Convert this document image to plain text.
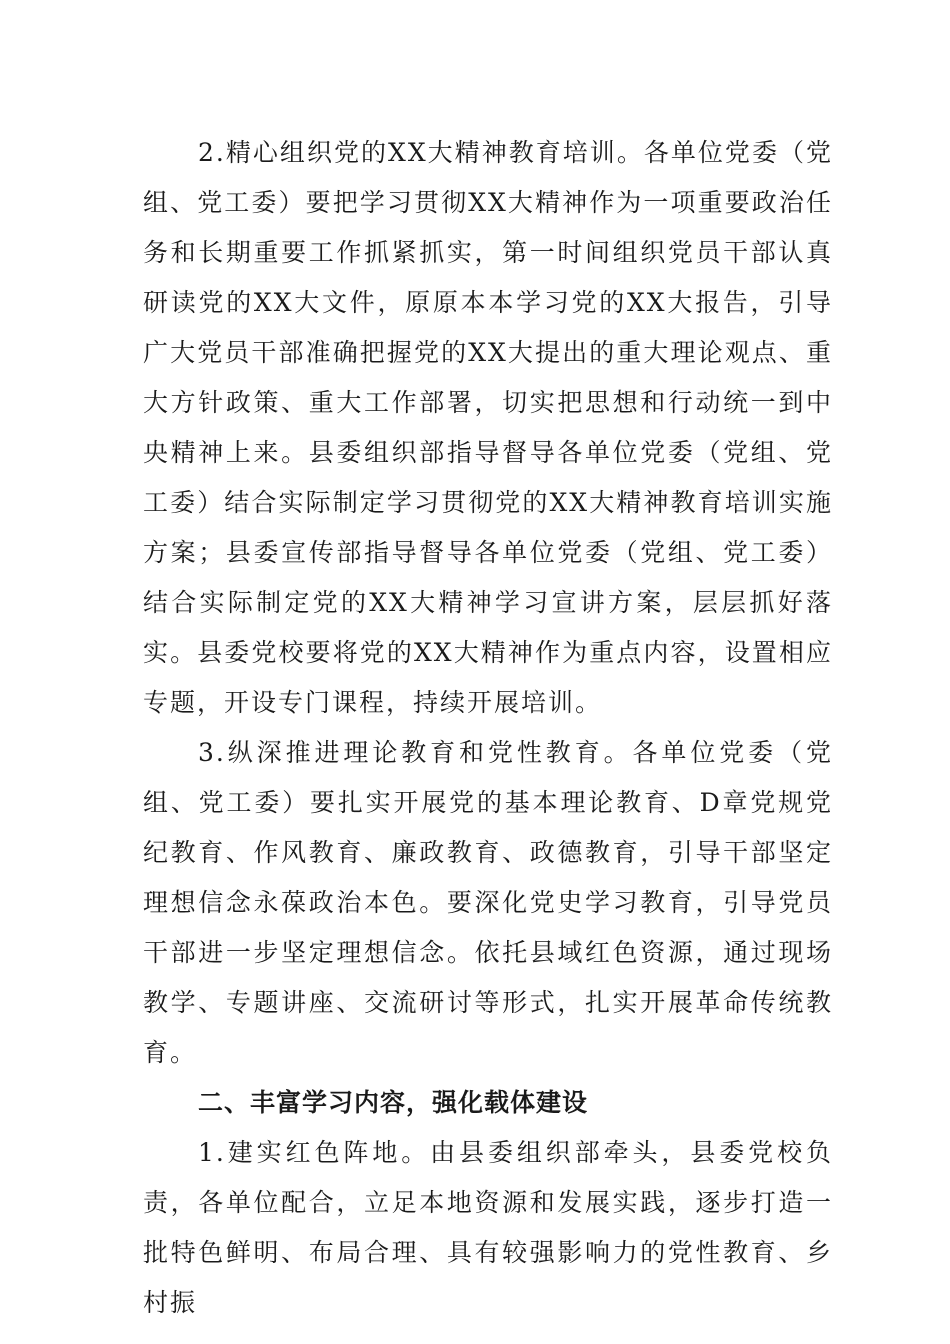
2.精心组织党的XX大精神教育培训。各单位党委（党组、党工委）要把学习贯彻XX大精神作为一项重要政治任务和长期重要工作抓紧抓实，第一时间组织党员干部认真研读党的XX大文件，原原本本学习党的XX大报告，引导广大党员干部准确把握党的XX大提出的重大理论观点、重大方针政策、重大工作部署，切实把思想和行动统一到中央精神上来。县委组织部指导督导各单位党委（党组、党工委）结合实际制定学习贯彻党的XX大精神教育培训实施方案；县委宣传部指导督导各单位党委（党组、党工委）结合实际制定党的XX大精神学习宣讲方案，层层抓好落实。县委党校要将党的XX大精神作为重点内容，设置相应专题，开设专门课程，持续开展培训。

3.纵深推进理论教育和党性教育。各单位党委（党组、党工委）要扎实开展党的基本理论教育、D章党规党纪教育、作风教育、廉政教育、政德教育，引导干部坚定理想信念永葆政治本色。要深化党史学习教育，引导党员干部进一步坚定理想信念。依托县域红色资源，通过现场教学、专题讲座、交流研讨等形式，扎实开展革命传统教育。

二、丰富学习内容，强化载体建设

1.建实红色阵地。由县委组织部牵头，县委党校负责，各单位配合，立足本地资源和发展实践，逐步打造一批特色鲜明、布局合理、具有较强影响力的党性教育、乡村振
